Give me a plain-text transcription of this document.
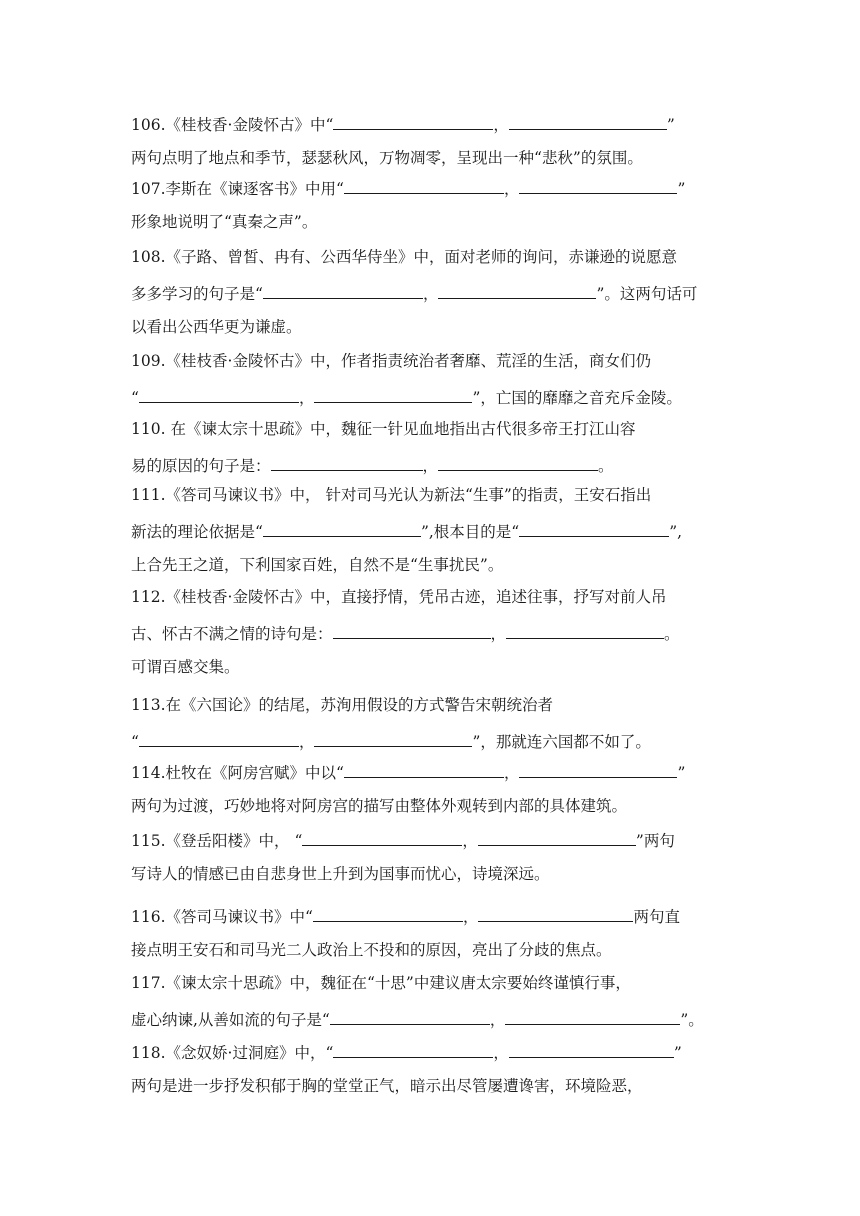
106.《桂枝香·金陵怀古》中“	，	”
两句点明了地点和季节，瑟瑟秋风，万物凋零，呈现出一种“悲秋”的氛围。
107.李斯在《谏逐客书》中用“	，	”
形象地说明了“真秦之声”。
108.《子路、曾皙、冉有、公西华侍坐》中，面对老师的询问，赤谦逊的说愿意
多多学习的句子是“	，	”。这两句话可
以看出公西华更为谦虚。
109.《桂枝香·金陵怀古》中，作者指责统治者奢靡、荒淫的生活，商女们仍
“	，	”，亡国的靡靡之音充斥金陵。
110. 在《谏太宗十思疏》中，魏征一针见血地指出古代很多帝王打江山容
易的原因的句子是：	，	。
111.《答司马谏议书》中， 针对司马光认为新法“生事”的指责，王安石指出
新法的理论依据是“	”,根本目的是“	”,
上合先王之道，下利国家百姓，自然不是“生事扰民”。
112.《桂枝香·金陵怀古》中，直接抒情，凭吊古迹，追述往事，抒写对前人吊
古、怀古不满之情的诗句是：	，	。
可谓百感交集。
113.在《六国论》的结尾，苏洵用假设的方式警告宋朝统治者
“	，	”，那就连六国都不如了。
114.杜牧在《阿房宫赋》中以“	，	”
两句为过渡，巧妙地将对阿房宫的描写由整体外观转到内部的具体建筑。
115.《登岳阳楼》中， “	，	”两句
写诗人的情感已由自悲身世上升到为国事而忧心，诗境深远。
116.《答司马谏议书》中“	，	两句直
接点明王安石和司马光二人政治上不投和的原因，亮出了分歧的焦点。
117.《谏太宗十思疏》中，魏征在“十思”中建议唐太宗要始终谨慎行事，
虚心纳谏,从善如流的句子是“	，	”。
118.《念奴娇·过洞庭》中，“	，	”
两句是进一步抒发积郁于胸的堂堂正气，暗示出尽管屡遭谗害，环境险恶，
